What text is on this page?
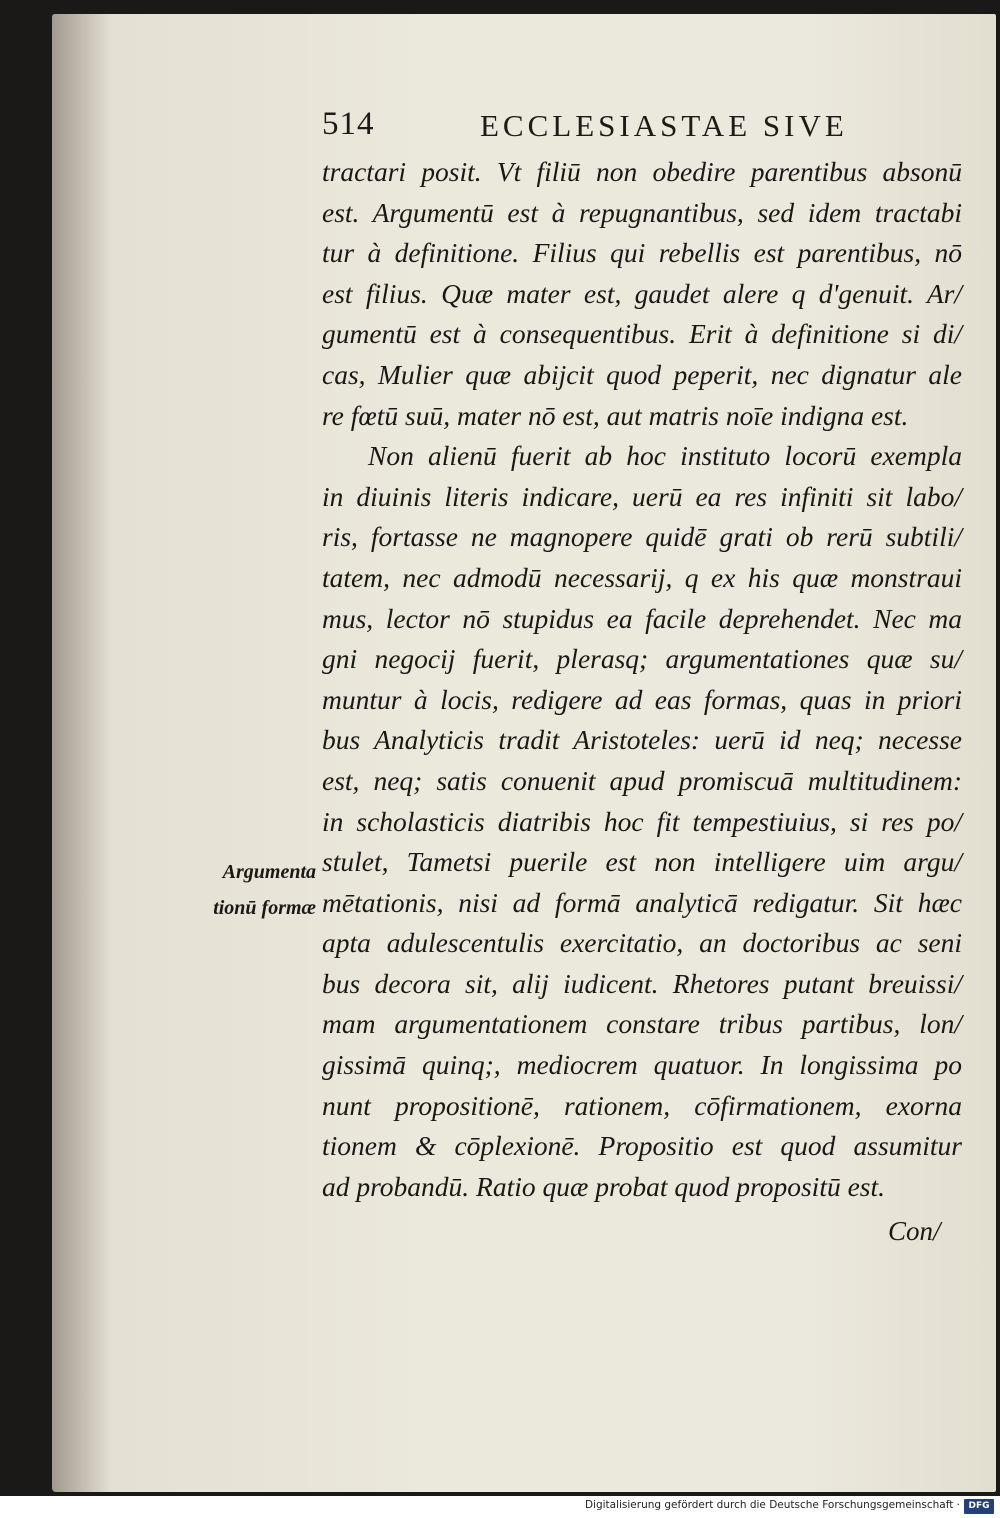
514	ECCLESIASTAE SIVE
tractari posit. Vt filiū non obedire parentibus absonū
est. Argumentū est à repugnantibus, sed idem tractabi
tur à definitione. Filius qui rebellis est parentibus, nō
est filius. Quæ mater est, gaudet alere q d'genuit. Ar/
gumentū est à consequentibus. Erit à definitione si di/
cas, Mulier quæ abijcit quod peperit, nec dignatur ale
re fœtū suū, mater nō est, aut matris noīe indigna est.
Non alienū fuerit ab hoc instituto locorū exempla
in diuinis literis indicare, uerū ea res infiniti sit labo/
ris, fortasse ne magnopere quidē grati ob rerū subtili/
tatem, nec admodū necessarij, q ex his quæ monstraui
mus, lector nō stupidus ea facile deprehendet. Nec ma
gni negocij fuerit, plerasq; argumentationes quæ su/
muntur à locis, redigere ad eas formas, quas in priori
bus Analyticis tradit Aristoteles: uerū id neq; necesse
est, neq; satis conuenit apud promiscuā multitudinem:
in scholasticis diatribis hoc fit tempestiuius, si res po/
stulet, Tametsi puerile est non intelligere uim argu/
mētationis, nisi ad formā analyticā redigatur. Sit hæc
apta adulescentulis exercitatio, an doctoribus ac seni
bus decora sit, alij iudicent. Rhetores putant breuissi/
mam argumentationem constare tribus partibus, lon/
gissimā quinq;, mediocrem quatuor. In longissima po
nunt propositionē, rationem, cōfirmationem, exorna
tionem & cōplexionē. Propositio est quod assumitur
ad probandū. Ratio quæ probat quod propositū est.
Con/
Argumenta
tionū formæ
Digitalisierung gefördert durch die Deutsche Forschungsgemeinschaft · DFG
